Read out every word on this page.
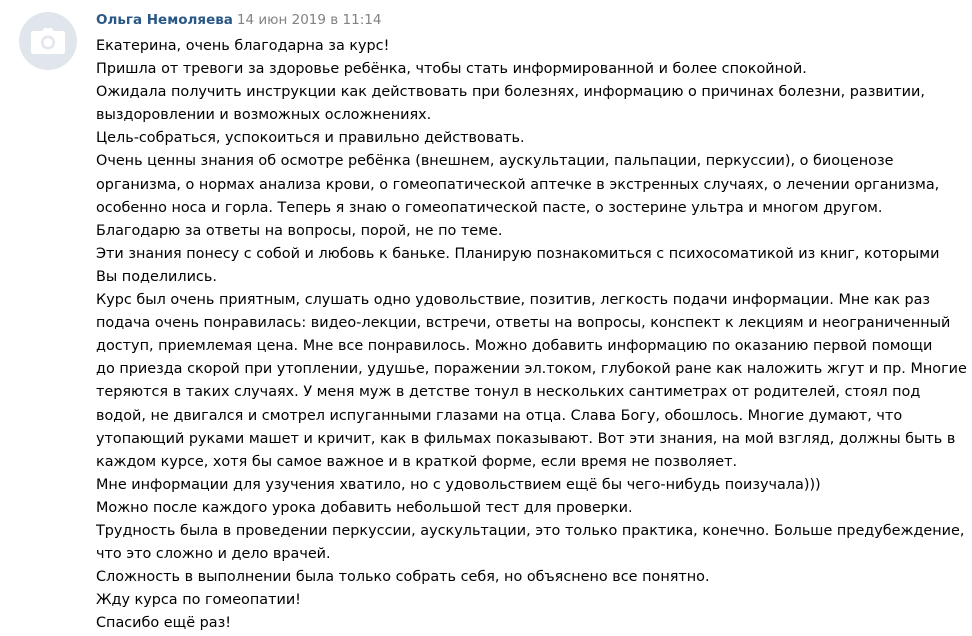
Ольга Немоляева 14 июн 2019 в 11:14
Екатерина, очень благодарна за курс!
Пришла от тревоги за здоровье ребёнка, чтобы стать информированной и более спокойной.
Ожидала получить инструкции как действовать при болезнях, информацию о причинах болезни, развитии,
выздоровлении и возможных осложнениях.
Цель-собраться, успокоиться и правильно действовать.
Очень ценны знания об осмотре ребёнка (внешнем, аускультации, пальпации, перкуссии), о биоценозе
организма, о нормах анализа крови, о гомеопатической аптечке в экстренных случаях, о лечении организма,
особенно носа и горла. Теперь я знаю о гомеопатической пасте, о зостерине ультра и многом другом.
Благодарю за ответы на вопросы, порой, не по теме.
Эти знания понесу с собой и любовь к баньке. Планирую познакомиться с психосоматикой из книг, которыми
Вы поделились.
Курс был очень приятным, слушать одно удовольствие, позитив, легкость подачи информации. Мне как раз
подача очень понравилась: видео-лекции, встречи, ответы на вопросы, конспект к лекциям и неограниченный
доступ, приемлемая цена. Мне все понравилось. Можно добавить информацию по оказанию первой помощи
до приезда скорой при утоплении, удушье, поражении эл.током, глубокой ране как наложить жгут и пр. Многие
теряются в таких случаях. У меня муж в детстве тонул в нескольких сантиметрах от родителей, стоял под
водой, не двигался и смотрел испуганными глазами на отца. Слава Богу, обошлось. Многие думают, что
утопающий руками машет и кричит, как в фильмах показывают. Вот эти знания, на мой взгляд, должны быть в
каждом курсе, хотя бы самое важное и в краткой форме, если время не позволяет.
Мне информации для узучения хватило, но с удовольствием ещё бы чего-нибудь поизучала)))
Можно после каждого урока добавить небольшой тест для проверки.
Трудность была в проведении перкуссии, аускультации, это только практика, конечно. Больше предубеждение,
что это сложно и дело врачей.
Сложность в выполнении была только собрать себя, но объяснено все понятно.
Жду курса по гомеопатии!
Спасибо ещё раз!
